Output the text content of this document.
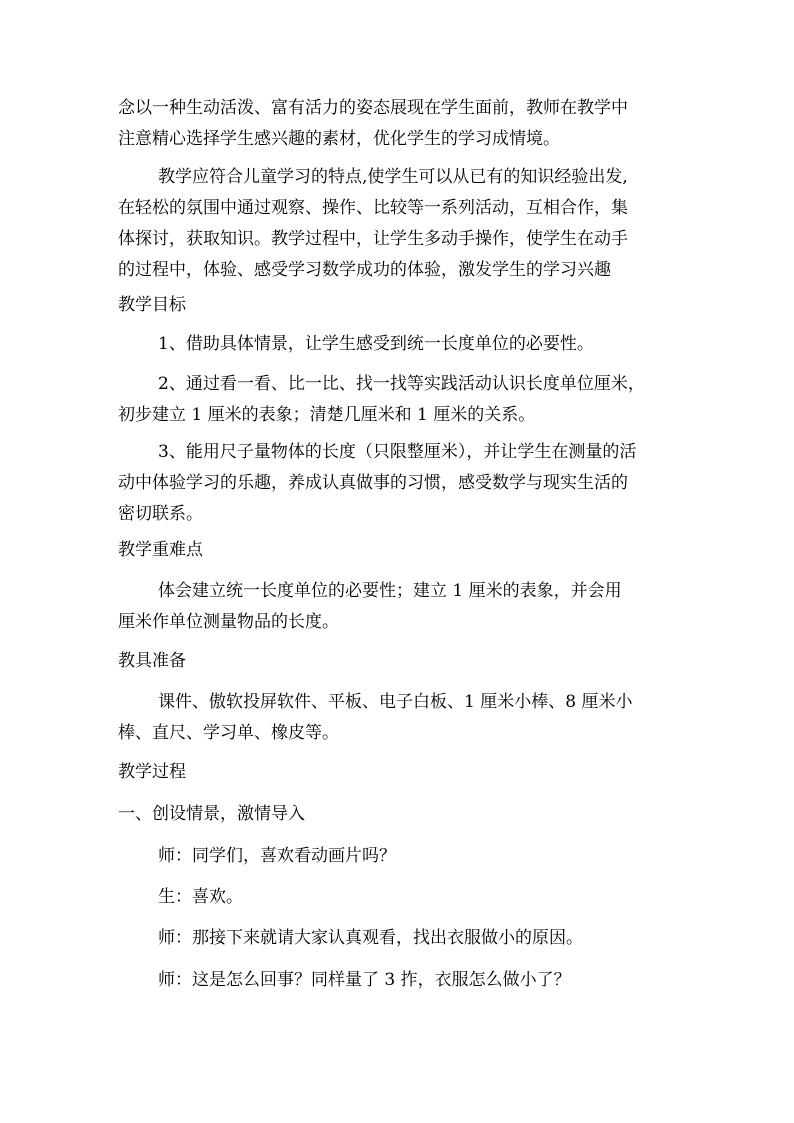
念以一种生动活泼、富有活力的姿态展现在学生面前，教师在教学中
注意精心选择学生感兴趣的素材，优化学生的学习成情境。
教学应符合儿童学习的特点,使学生可以从已有的知识经验出发,
在轻松的氛围中通过观察、操作、比较等一系列活动，互相合作，集
体探讨，获取知识。教学过程中，让学生多动手操作，使学生在动手
的过程中，体验、感受学习数学成功的体验，激发学生的学习兴趣
教学目标
1、借助具体情景，让学生感受到统一长度单位的必要性。
2、通过看一看、比一比、找一找等实践活动认识长度单位厘米，
初步建立 1 厘米的表象；清楚几厘米和 1 厘米的关系。
3、能用尺子量物体的长度（只限整厘米），并让学生在测量的活
动中体验学习的乐趣，养成认真做事的习惯，感受数学与现实生活的
密切联系。
教学重难点
体会建立统一长度单位的必要性；建立 1 厘米的表象，并会用
厘米作单位测量物品的长度。
教具准备
课件、傲软投屏软件、平板、电子白板、1 厘米小棒、8 厘米小
棒、直尺、学习单、橡皮等。
教学过程
一、创设情景，激情导入
师：同学们，喜欢看动画片吗？
生：喜欢。
师：那接下来就请大家认真观看，找出衣服做小的原因。
师：这是怎么回事？同样量了 3 拃，衣服怎么做小了？
